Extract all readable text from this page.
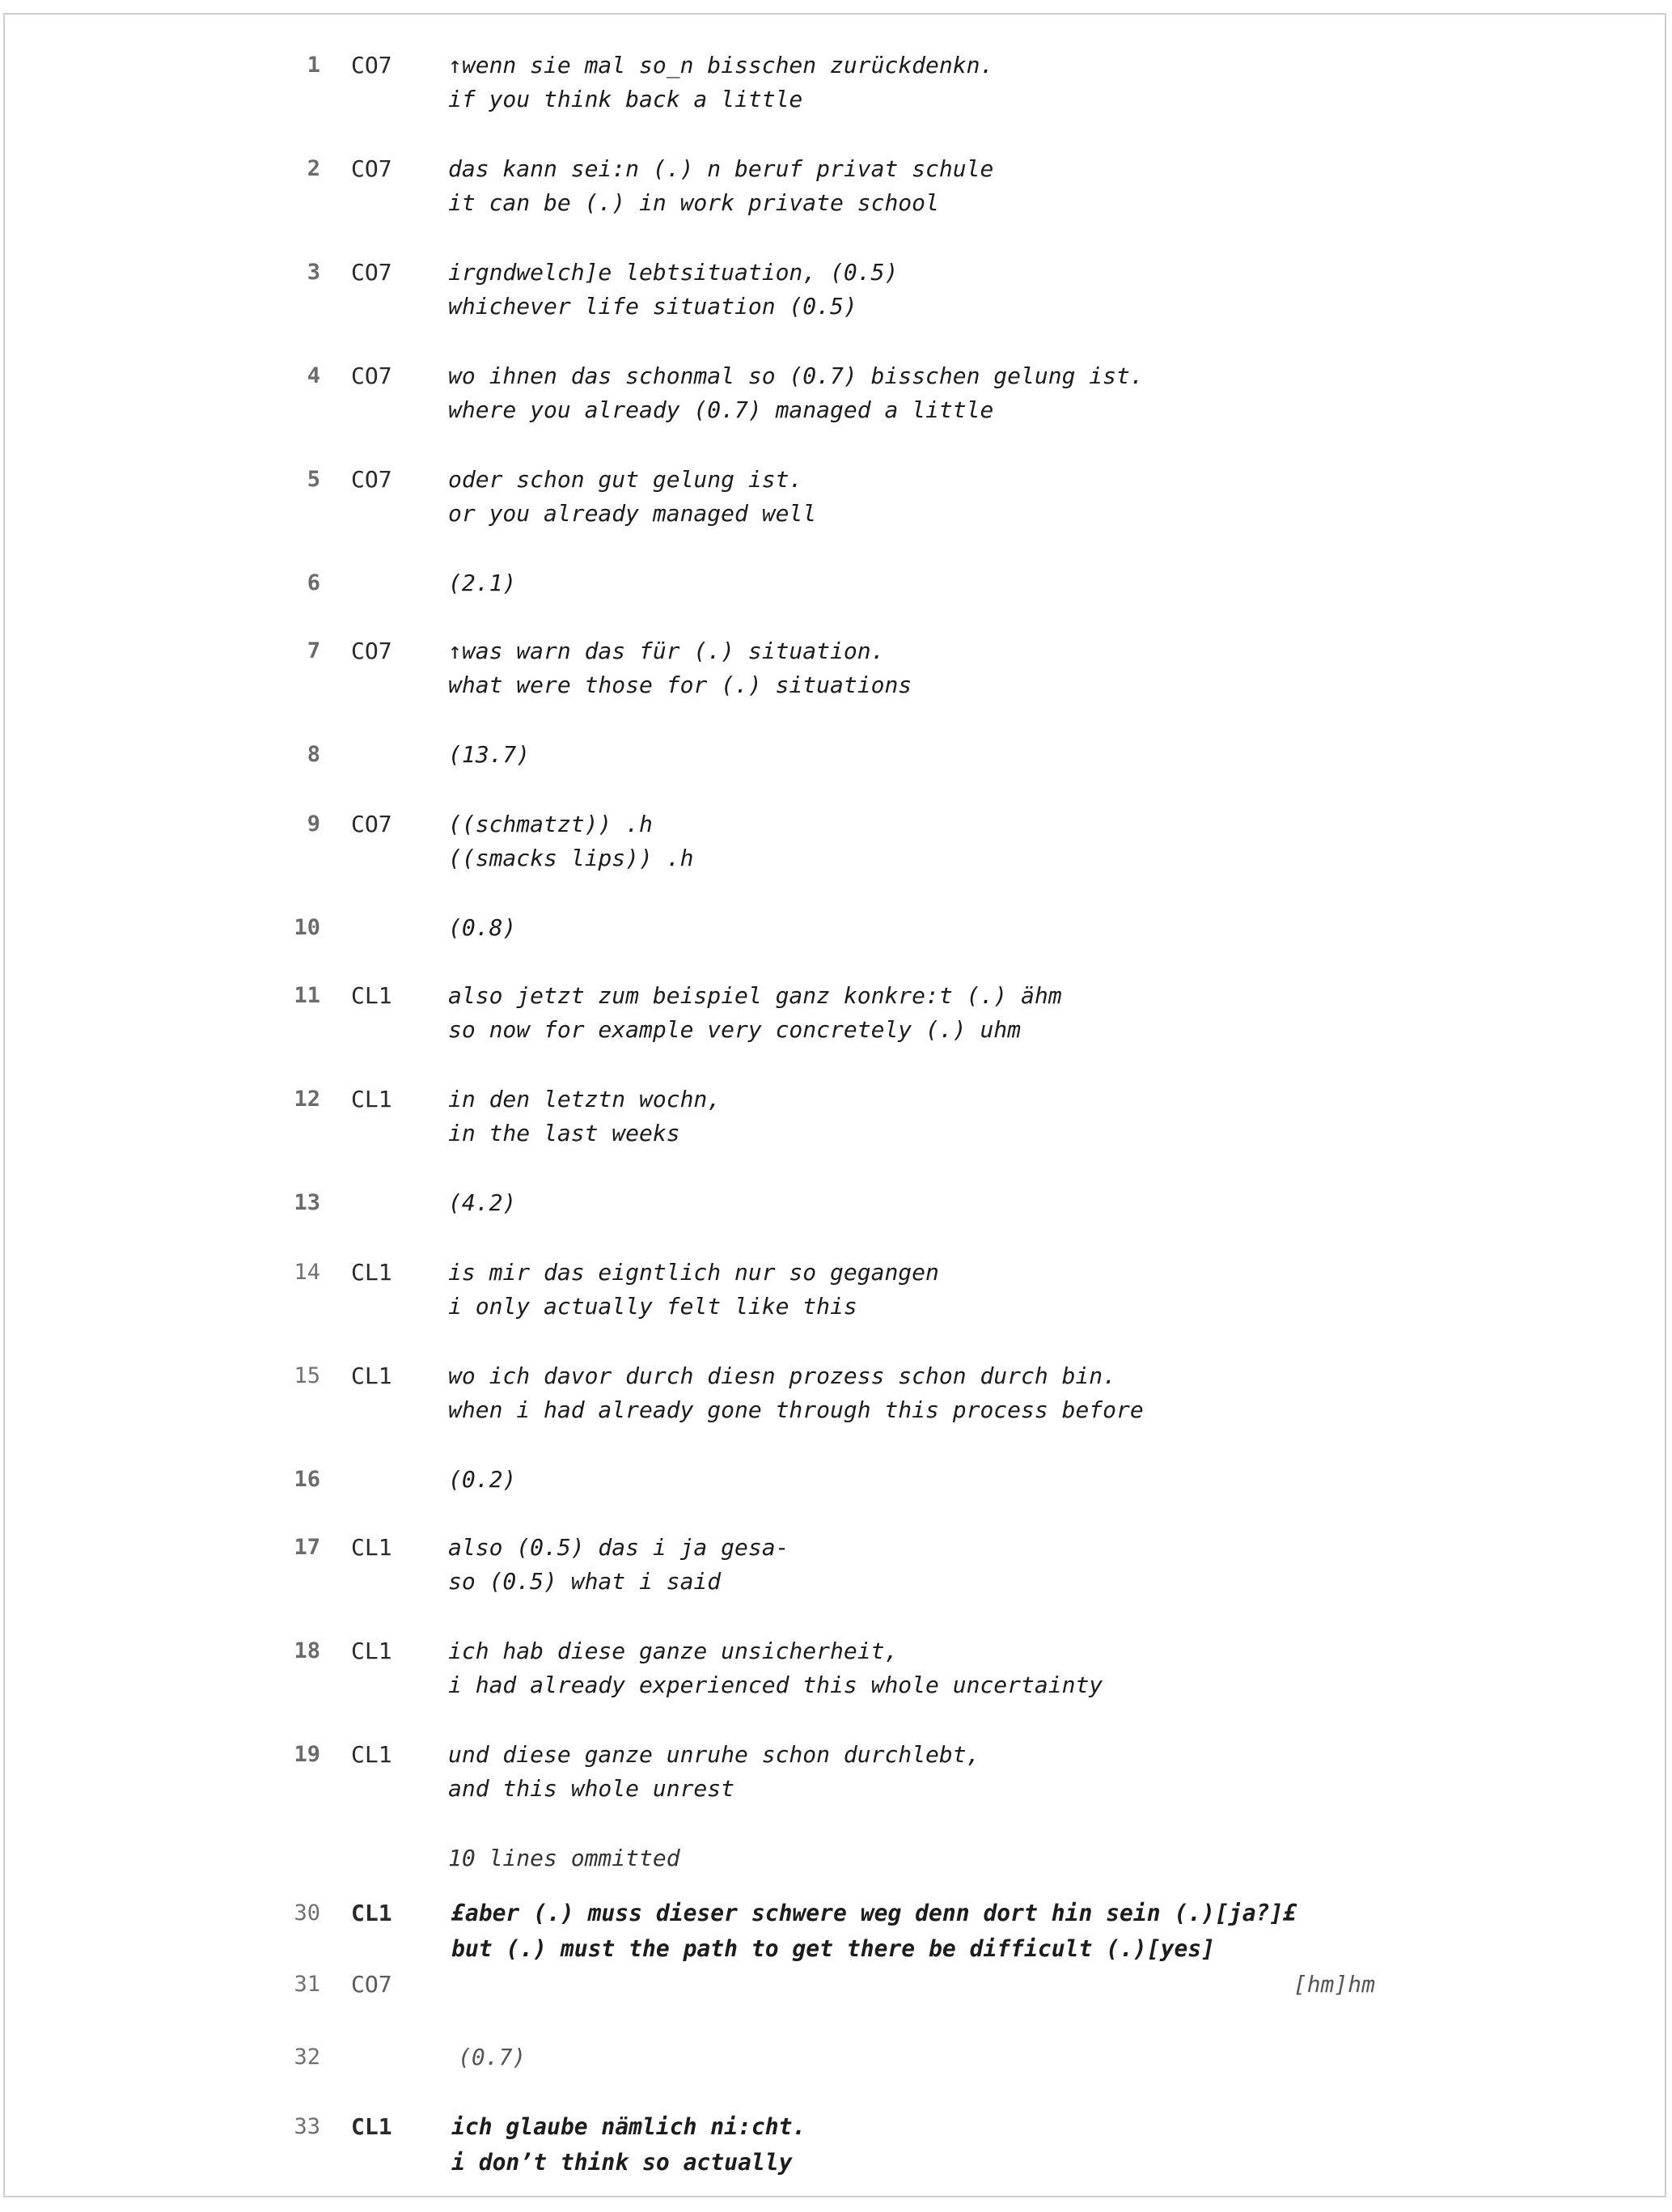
1 CO7 ↑wenn sie mal so_n bisschen zurückdenkn.
if you think back a little
2 CO7 das kann sei:n (.) n beruf privat schule
it can be (.) in work private school
3 CO7 irgndwelch]e lebtsituation, (0.5)
whichever life situation (0.5)
4 CO7 wo ihnen das schonmal so (0.7) bisschen gelung ist.
where you already (0.7) managed a little
5 CO7 oder schon gut gelung ist.
or you already managed well
6	(2.1)
7 CO7 ↑was warn das für (.) situation.
what were those for (.) situations
8	(13.7)
9 CO7 ((schmatzt)) .h
((smacks lips)) .h
10	(0.8)
11 CL1 also jetzt zum beispiel ganz konkre:t (.) ähm
so now for example very concretely (.) uhm
12 CL1 in den letztn wochn,
in the last weeks
13	(4.2)
14 CL1 is mir das eigntlich nur so gegangen
i only actually felt like this
15 CL1 wo ich davor durch diesn prozess schon durch bin.
when i had already gone through this process before
16	(0.2)
17 CL1 also (0.5) das i ja gesa-
so (0.5) what i said
18 CL1 ich hab diese ganze unsicherheit,
i had already experienced this whole uncertainty
19 CL1 und diese ganze unruhe schon durchlebt,
and this whole unrest
10 lines ommitted
30 CL1	£aber (.) muss dieser schwere weg denn dort hin sein (.)[ja?]£
but (.) must the path to get there be difficult (.)[yes]
31 CO7	[hm]hm
32	(0.7)
33 CL1	ich glaube nämlich ni:cht.
i don’t think so actually
